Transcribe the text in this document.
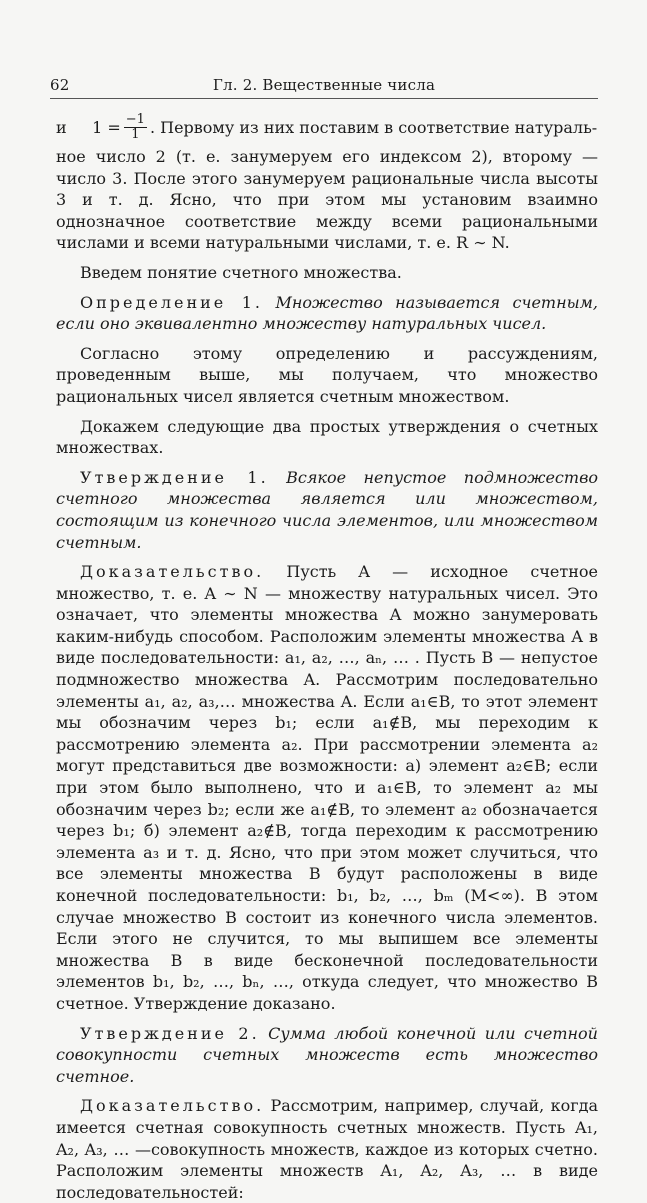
62	Гл. 2. Вещественные числа

и     $1 = \frac{-1}{1}$ . Первому из них поставим в соответствие натураль-

ное число 2 (т. е. занумеруем его индексом 2), второму — число 3. После этого занумеруем рациональные числа высоты 3 и т. д. Ясно, что при этом мы установим взаимно однозначное соответствие между всеми рациональными числами и всеми натуральными числами, т. е. R ∼ N.

Введем понятие счетного множества.

Определение 1. Множество называется счетным, если оно эквивалентно множеству натуральных чисел.

Согласно этому определению и рассуждениям, проведенным выше, мы получаем, что множество рациональных чисел является счетным множеством.

Докажем следующие два простых утверждения о счетных множествах.

Утверждение 1. Всякое непустое подмножество счетного множества является или множеством, состоящим из конечного числа элементов, или множеством счетным.

Доказательство. Пусть A — исходное счетное множество, т. е. A ∼ N — множеству натуральных чисел. Это означает, что элементы множества A можно занумеровать каким-нибудь способом. Расположим элементы множества A в виде последовательности: a₁, a₂, …, aₙ, … . Пусть B — непустое подмножество множества A. Рассмотрим последовательно элементы a₁, a₂, a₃,… множества A. Если a₁∈B, то этот элемент мы обозначим через b₁; если a₁∉B, мы переходим к рассмотрению элемента a₂. При рассмотрении элемента a₂ могут представиться две возможности: а) элемент a₂∈B; если при этом было выполнено, что и a₁∈B, то элемент a₂ мы обозначим через b₂; если же a₁∉B, то элемент a₂ обозначается через b₁; б) элемент a₂∉B, тогда переходим к рассмотрению элемента a₃ и т. д. Ясно, что при этом может случиться, что все элементы множества B будут расположены в виде конечной последовательности: b₁, b₂, …, bₘ (M<∞). В этом случае множество B состоит из конечного числа элементов. Если этого не случится, то мы выпишем все элементы множества B в виде бесконечной последовательности элементов b₁, b₂, …, bₙ, …, откуда следует, что множество B счетное. Утверждение доказано.

Утверждение 2. Сумма любой конечной или счетной совокупности счетных множеств есть множество счетное.

Доказательство. Рассмотрим, например, случай, когда имеется счетная совокупность счетных множеств. Пусть A₁, A₂, A₃, … —совокупность множеств, каждое из которых счетно. Расположим элементы множеств A₁, A₂, A₃, … в виде последовательностей:
